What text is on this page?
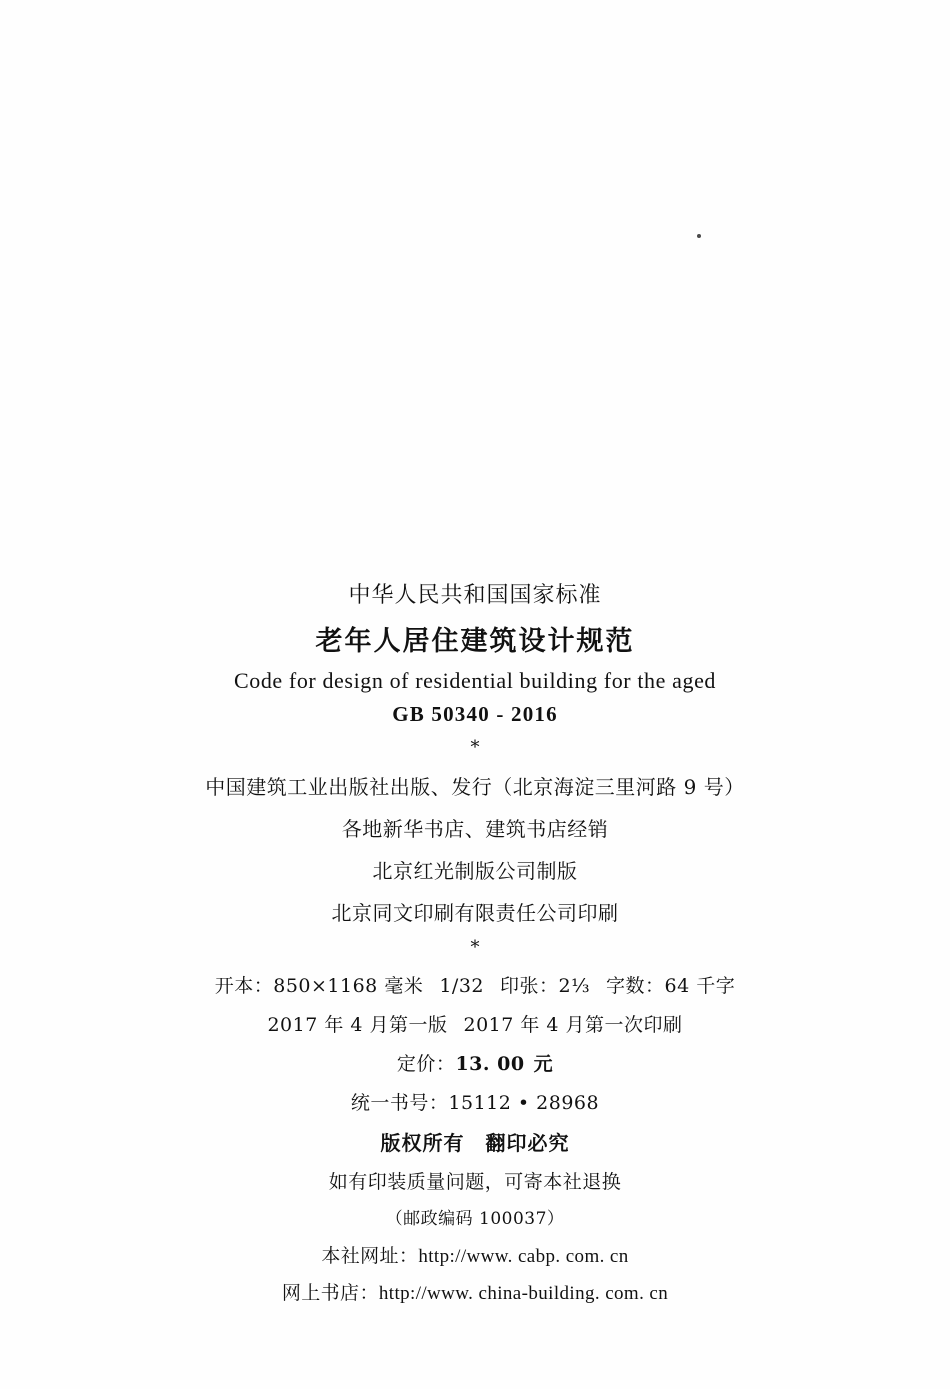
中华人民共和国国家标准
老年人居住建筑设计规范
Code for design of residential building for the aged
GB 50340 - 2016
*
中国建筑工业出版社出版、发行（北京海淀三里河路 9 号）
各地新华书店、建筑书店经销
北京红光制版公司制版
北京同文印刷有限责任公司印刷
*
开本：850×1168 毫米 1/32 印张：2⅓ 字数：64 千字
2017 年 4 月第一版 2017 年 4 月第一次印刷
定价：13. 00 元
统一书号：15112 • 28968
版权所有　翻印必究
如有印装质量问题，可寄本社退换
（邮政编码 100037）
本社网址：http://www. cabp. com. cn
网上书店：http://www. china-building. com. cn
